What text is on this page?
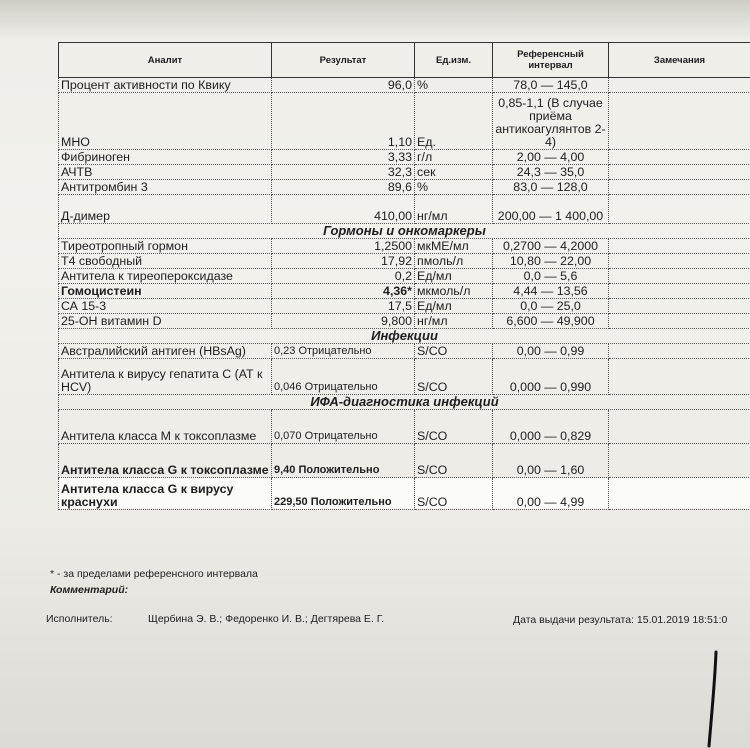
Аналит	Результат	Ед.изм.	Референсный интервал	Замечания
Процент активности по Квику	96,0	%	78,0 — 145,0	
МНО	1,10	Ед.	0,85-1,1 (В случае приёма антикоагулянтов 2-4)	
Фибриноген	3,33	г/л	2,00 — 4,00	
АЧТВ	32,3	сек	24,3 — 35,0	
Антитромбин 3	89,6	%	83,0 — 128,0	
Д-димер	410,00	нг/мл	200,00 — 1 400,00	
Гормоны и онкомаркеры				
Тиреотропный гормон	1,2500	мкМЕ/мл	0,2700 — 4,2000	
Т4 свободный	17,92	пмоль/л	10,80 — 22,00	
Антитела к тиреопероксидазе	0,2	Ед/мл	0,0 — 5,6	
Гомоцистеин	4,36*	мкмоль/л	4,44 — 13,56	
СА 15-3	17,5	Ед/мл	0,0 — 25,0	
25-ОН витамин D	9,800	нг/мл	6,600 — 49,900	
Инфекции				
Австралийский антиген (HBsAg)	0,23 Отрицательно	S/CO	0,00 — 0,99	
Антитела к вирусу гепатита С (АТ к HCV)	0,046 Отрицательно	S/CO	0,000 — 0,990	
ИФА-диагностика инфекций				
Антитела класса М к токсоплазме	0,070 Отрицательно	S/CO	0,000 — 0,829	
Антитела класса G к токсоплазме	9,40 Положительно	S/CO	0,00 — 1,60	
Антитела класса G к вирусу краснухи	229,50 Положительно	S/CO	0,00 — 4,99	
* - за пределами референсного интервала
Комментарий:
Исполнитель:	Щербина Э. В.; Федоренко И. В.; Дегтярева Е. Г.	Дата выдачи результата: 15.01.2019 18:51:0
